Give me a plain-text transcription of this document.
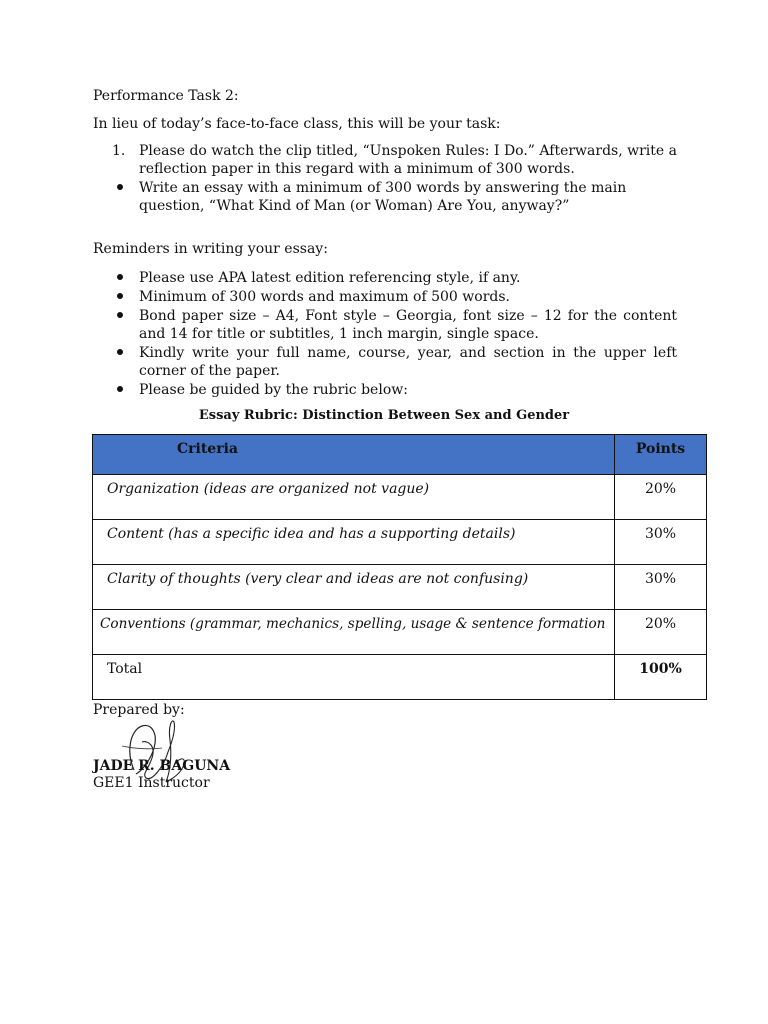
Performance Task 2:
In lieu of today’s face-to-face class, this will be your task:
1. Please do watch the clip titled, “Unspoken Rules: I Do.” Afterwards, write a reflection paper in this regard with a minimum of 300 words.
Write an essay with a minimum of 300 words by answering the main question, “What Kind of Man (or Woman) Are You, anyway?”
Reminders in writing your essay:
Please use APA latest edition referencing style, if any.
Minimum of 300 words and maximum of 500 words.
Bond paper size – A4, Font style – Georgia, font size – 12 for the content and 14 for title or subtitles, 1 inch margin, single space.
Kindly write your full name, course, year, and section in the upper left corner of the paper.
Please be guided by the rubric below:
Essay Rubric: Distinction Between Sex and Gender
Criteria	Points
Organization (ideas are organized not vague)	20%
Content (has a specific idea and has a supporting details)	30%
Clarity of thoughts (very clear and ideas are not confusing)	30%
Conventions (grammar, mechanics, spelling, usage & sentence formation	20%
Total	100%
Prepared by:
JADE R. BAGUNA
GEE1 Instructor
